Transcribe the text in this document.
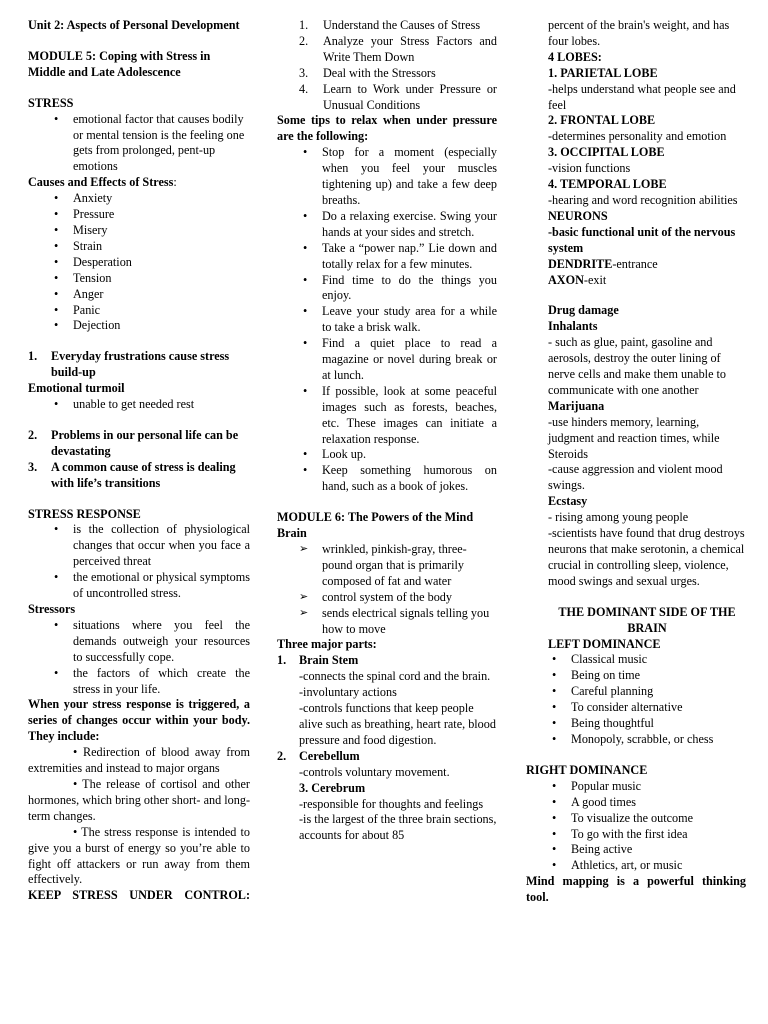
Unit 2: Aspects of Personal Development

MODULE 5: Coping with Stress in Middle and Late Adolescence

STRESS

• emotional factor that causes bodily or mental tension is the feeling one gets from prolonged, pent-up emotions

Causes and Effects of Stress:

• Anxiety
• Pressure
• Misery
• Strain
• Desperation
• Tension
• Anger
• Panic
• Dejection
1. Everyday frustrations cause stress build-up

Emotional turmoil

• unable to get needed rest
2. Problems in our personal life can be devastating
3. A common cause of stress is dealing with life’s transitions

STRESS RESPONSE

• is the collection of physiological changes that occur when you face a perceived threat
• the emotional or physical symptoms of uncontrolled stress.

Stressors

• situations where you feel the demands outweigh your resources to successfully cope.
• the factors of which create the stress in your life.

When your stress response is triggered, a series of changes occur within your body. They include:

• Redirection of blood away from extremities and instead to major organs

• The release of cortisol and other hormones, which bring other short- and long-term changes.

• The stress response is intended to give you a burst of energy so you’re able to fight off attackers or run away from them effectively.

KEEP STRESS UNDER CONTROL:

1. Understand the Causes of Stress
2. Analyze your Stress Factors and Write Them Down
3. Deal with the Stressors
4. Learn to Work under Pressure or Unusual Conditions

Some tips to relax when under pressure are the following:

• Stop for a moment (especially when you feel your muscles tightening up) and take a few deep breaths.
• Do a relaxing exercise. Swing your hands at your sides and stretch.
• Take a “power nap.” Lie down and totally relax for a few minutes.
• Find time to do the things you enjoy.
• Leave your study area for a while to take a brisk walk.
• Find a quiet place to read a magazine or novel during break or at lunch.
• If possible, look at some peaceful images such as forests, beaches, etc. These images can initiate a relaxation response.
• Look up.
• Keep something humorous on hand, such as a book of jokes.

MODULE 6: The Powers of the Mind

Brain

➢ wrinkled, pinkish-gray, three-pound organ that is primarily composed of fat and water
➢ control system of the body
➢ sends electrical signals telling you how to move

Three major parts:

1. Brain Stem
-connects the spinal cord and the brain.
-involuntary actions
-controls functions that keep people alive such as breathing, heart rate, blood pressure and food digestion.
2. Cerebellum
-controls voluntary movement.
3. Cerebrum
-responsible for thoughts and feelings
-is the largest of the three brain sections, accounts for about 85

percent of the brain's weight, and has four lobes.

4 LOBES:

1. PARIETAL LOBE

-helps understand what people see and feel

2. FRONTAL LOBE

-determines personality and emotion

3. OCCIPITAL LOBE

-vision functions

4. TEMPORAL LOBE

-hearing and word recognition abilities

NEURONS

-basic functional unit of the nervous system

DENDRITE-entrance

AXON-exit

Drug damage

Inhalants

- such as glue, paint, gasoline and aerosols, destroy the outer lining of nerve cells and make them unable to communicate with one another

Marijuana

-use hinders memory, learning, judgment and reaction times, while

Steroids

-cause aggression and violent mood swings.

Ecstasy

- rising among young people

-scientists have found that drug destroys neurons that make serotonin, a chemical crucial in controlling sleep, violence, mood swings and sexual urges.

THE DOMINANT SIDE OF THE BRAIN

LEFT DOMINANCE

• Classical music
• Being on time
• Careful planning
• To consider alternative
• Being thoughtful
• Monopoly, scrabble, or chess

RIGHT DOMINANCE

• Popular music
• A good times
• To visualize the outcome
• To go with the first idea
• Being active
• Athletics, art, or music

Mind mapping is a powerful thinking tool.
